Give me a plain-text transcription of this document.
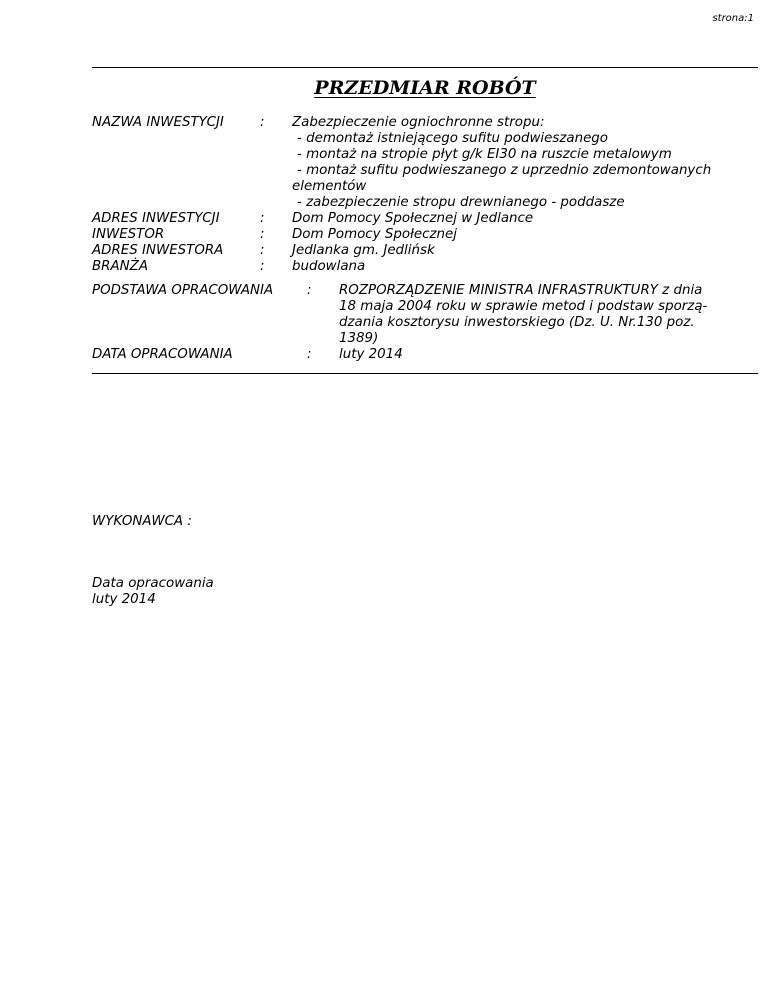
strona:1
PRZEDMIAR ROBÓT
NAZWA INWESTYCJI	: Zabezpieczenie ogniochronne stropu:
- demontaż istniejącego sufitu podwieszanego
- montaż na stropie płyt g/k EI30 na ruszcie metalowym
- montaż sufitu podwieszanego z uprzednio zdemontowanych
elementów
- zabezpieczenie stropu drewnianego - poddasze
ADRES INWESTYCJI	: Dom Pomocy Społecznej w Jedlance
INWESTOR	: Dom Pomocy Społecznej
ADRES INWESTORA	: Jedlanka gm. Jedlińsk
BRANŻA	: budowlana
PODSTAWA OPRACOWANIA	: ROZPORZĄDZENIE MINISTRA INFRASTRUKTURY z dnia
18 maja 2004 roku w sprawie metod i podstaw sporzą-
dzania kosztorysu inwestorskiego (Dz. U. Nr.130 poz.
1389)
DATA OPRACOWANIA	: luty 2014
WYKONAWCA :
Data opracowania
luty 2014
